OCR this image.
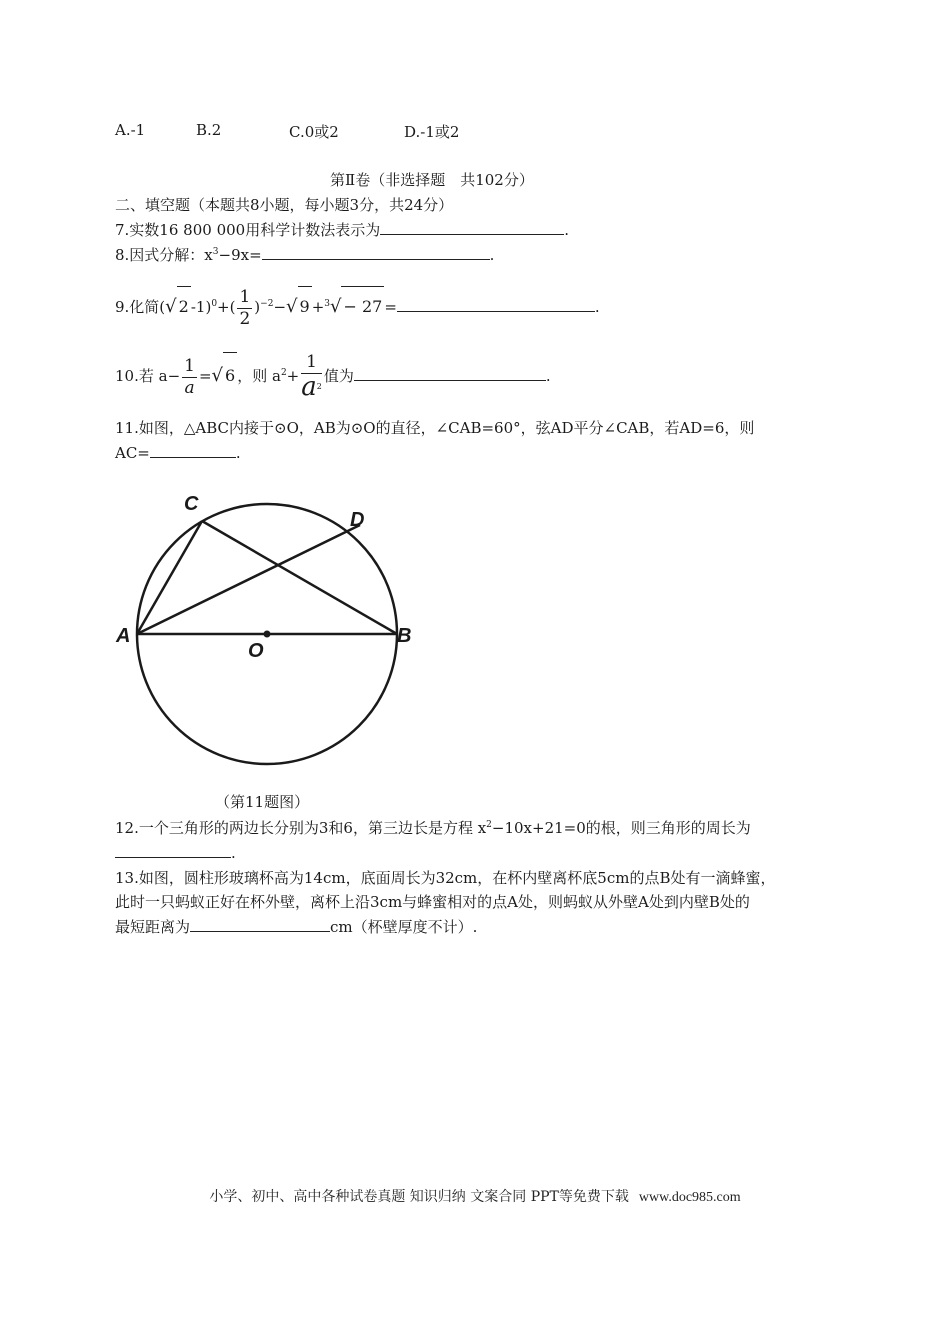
A.-1	B.2	C.0或2	D.-1或2
第Ⅱ卷（非选择题　共102分）
二、填空题（本题共8小题，每小题3分，共24分）
7.实数16 800 000用科学计数法表示为	.
8.因式分解：$x^3-9x=$	.
9.化简(√ 2 $-1)^0+( \frac{1}{2} )^{-2}-√$ 9 +$^3$√ − 27 =	.
10.若 $a- \frac{1}{a}$ =√ 6 ，则 $a^2+ \frac{1}{a^2}$ 值为	.
11.如图，△ABC内接于⊙O，AB为⊙O的直径，∠CAB=60°，弦AD平分∠CAB，若AD=6，则
AC=	.
C
D
A	B
O
（第11题图）
12.一个三角形的两边长分别为3和6，第三边长是方程 $x^2-10x+21=0$的根，则三角形的周长为
.
13.如图，圆柱形玻璃杯高为14cm，底面周长为32cm，在杯内壁离杯底5cm的点B处有一滴蜂蜜，
此时一只蚂蚁正好在杯外壁，离杯上沿3cm与蜂蜜相对的点A处，则蚂蚁从外壁A处到内壁B处的
最短距离为	cm（杯壁厚度不计）.
小学、初中、高中各种试卷真题 知识归纳 文案合同 PPT等免费下载 www.doc985.com
